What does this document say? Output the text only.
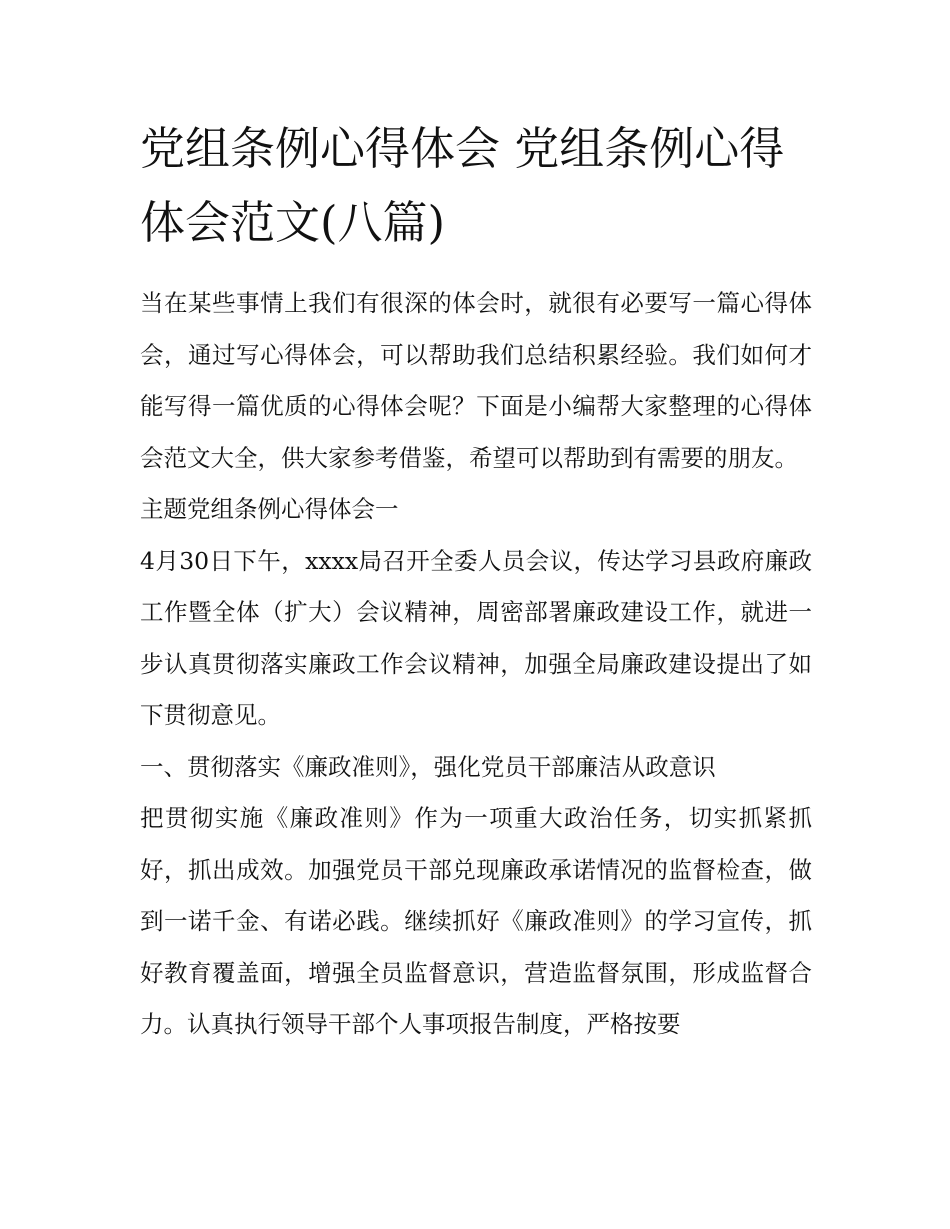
党组条例心得体会 党组条例心得体会范文(八篇)

当在某些事情上我们有很深的体会时，就很有必要写一篇心得体会，通过写心得体会，可以帮助我们总结积累经验。我们如何才能写得一篇优质的心得体会呢？下面是小编帮大家整理的心得体会范文大全，供大家参考借鉴，希望可以帮助到有需要的朋友。

主题党组条例心得体会一

4月30日下午，xxxx局召开全委人员会议，传达学习县政府廉政工作暨全体（扩大）会议精神，周密部署廉政建设工作，就进一步认真贯彻落实廉政工作会议精神，加强全局廉政建设提出了如下贯彻意见。

一、贯彻落实《廉政准则》，强化党员干部廉洁从政意识

把贯彻实施《廉政准则》作为一项重大政治任务，切实抓紧抓好，抓出成效。加强党员干部兑现廉政承诺情况的监督检查，做到一诺千金、有诺必践。继续抓好《廉政准则》的学习宣传，抓好教育覆盖面，增强全员监督意识，营造监督氛围，形成监督合力。认真执行领导干部个人事项报告制度，严格按要
